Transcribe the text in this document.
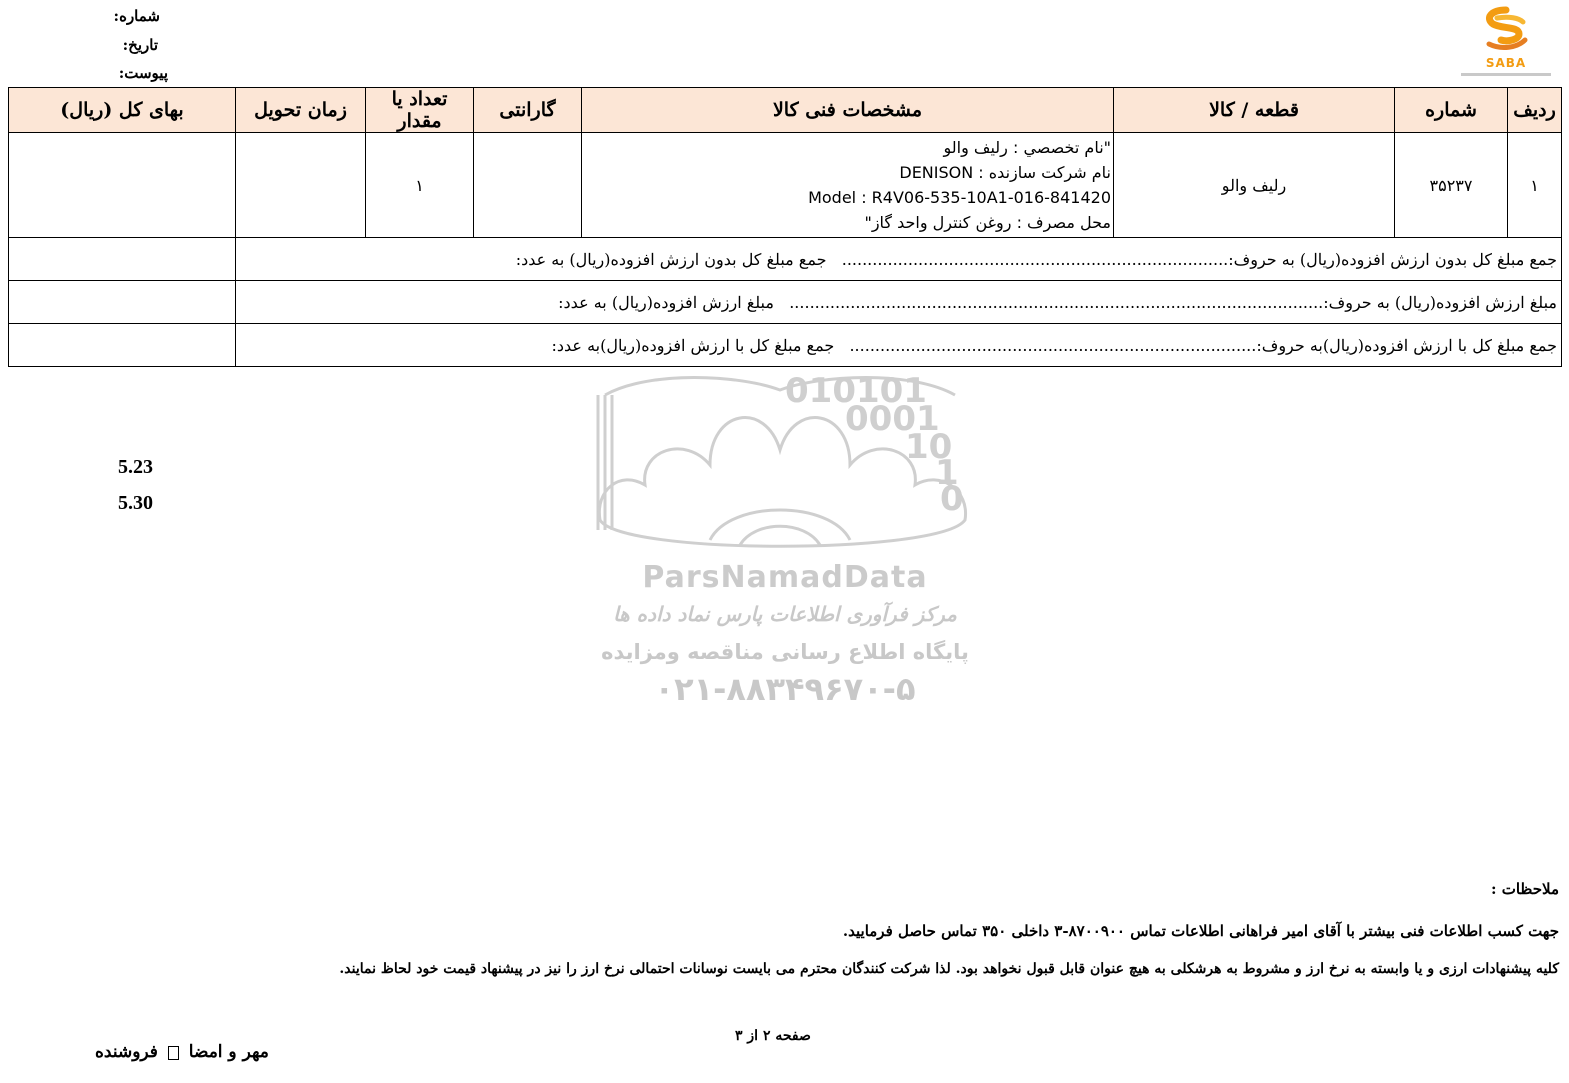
شماره:
تاریخ:
پیوست:
SABA
ردیف	شماره	قطعه / کالا	مشخصات فنی کالا	گارانتی	تعداد یا مقدار	زمان تحویل	بهای کل (ریال)
۱	۳۵۲۳۷	رليف والو	"نام تخصصي : رليف والو
نام شرکت سازنده : DENISON
Model : R4V06-535-10A1-016-841420
محل مصرف : روغن کنترل واحد گاز"		۱		
جمع مبلغ کل بدون ارزش افزوده(ریال) به حروف:............................................................................   جمع مبلغ کل بدون ارزش افزوده(ریال) به عدد:							
مبلغ ارزش افزوده(ریال) به حروف:.........................................................................................................   مبلغ ارزش افزوده(ریال) به عدد:							
جمع مبلغ کل با ارزش افزوده(ریال)به حروف:................................................................................   جمع مبلغ کل با ارزش افزوده(ریال)به عدد:							
5.23
5.30
010101
0001
10
1
0
ParsNamadData
مرکز فرآوری اطلاعات پارس نماد داده ها
پایگاه اطلاع رسانی مناقصه ومزایده
۰۲۱-۸۸۳۴۹۶۷۰-۵
ملاحظات :
جهت کسب اطلاعات فنی بیشتر با آقای امیر فراهانی اطلاعات تماس ۸۷۰۰۹۰۰-۳ داخلی ۳۵۰ تماس حاصل فرمایید.
کلیه پیشنهادات ارزی و یا وابسته به نرخ ارز و مشروط به هرشکلی به هیچ عنوان قابل قبول نخواهد بود. لذا شرکت کنندگان محترم می بایست نوسانات احتمالی نرخ ارز را نیز در پیشنهاد قیمت خود لحاظ نمایند.
صفحه ۲ از ۳
مهر و امضا  فروشنده
